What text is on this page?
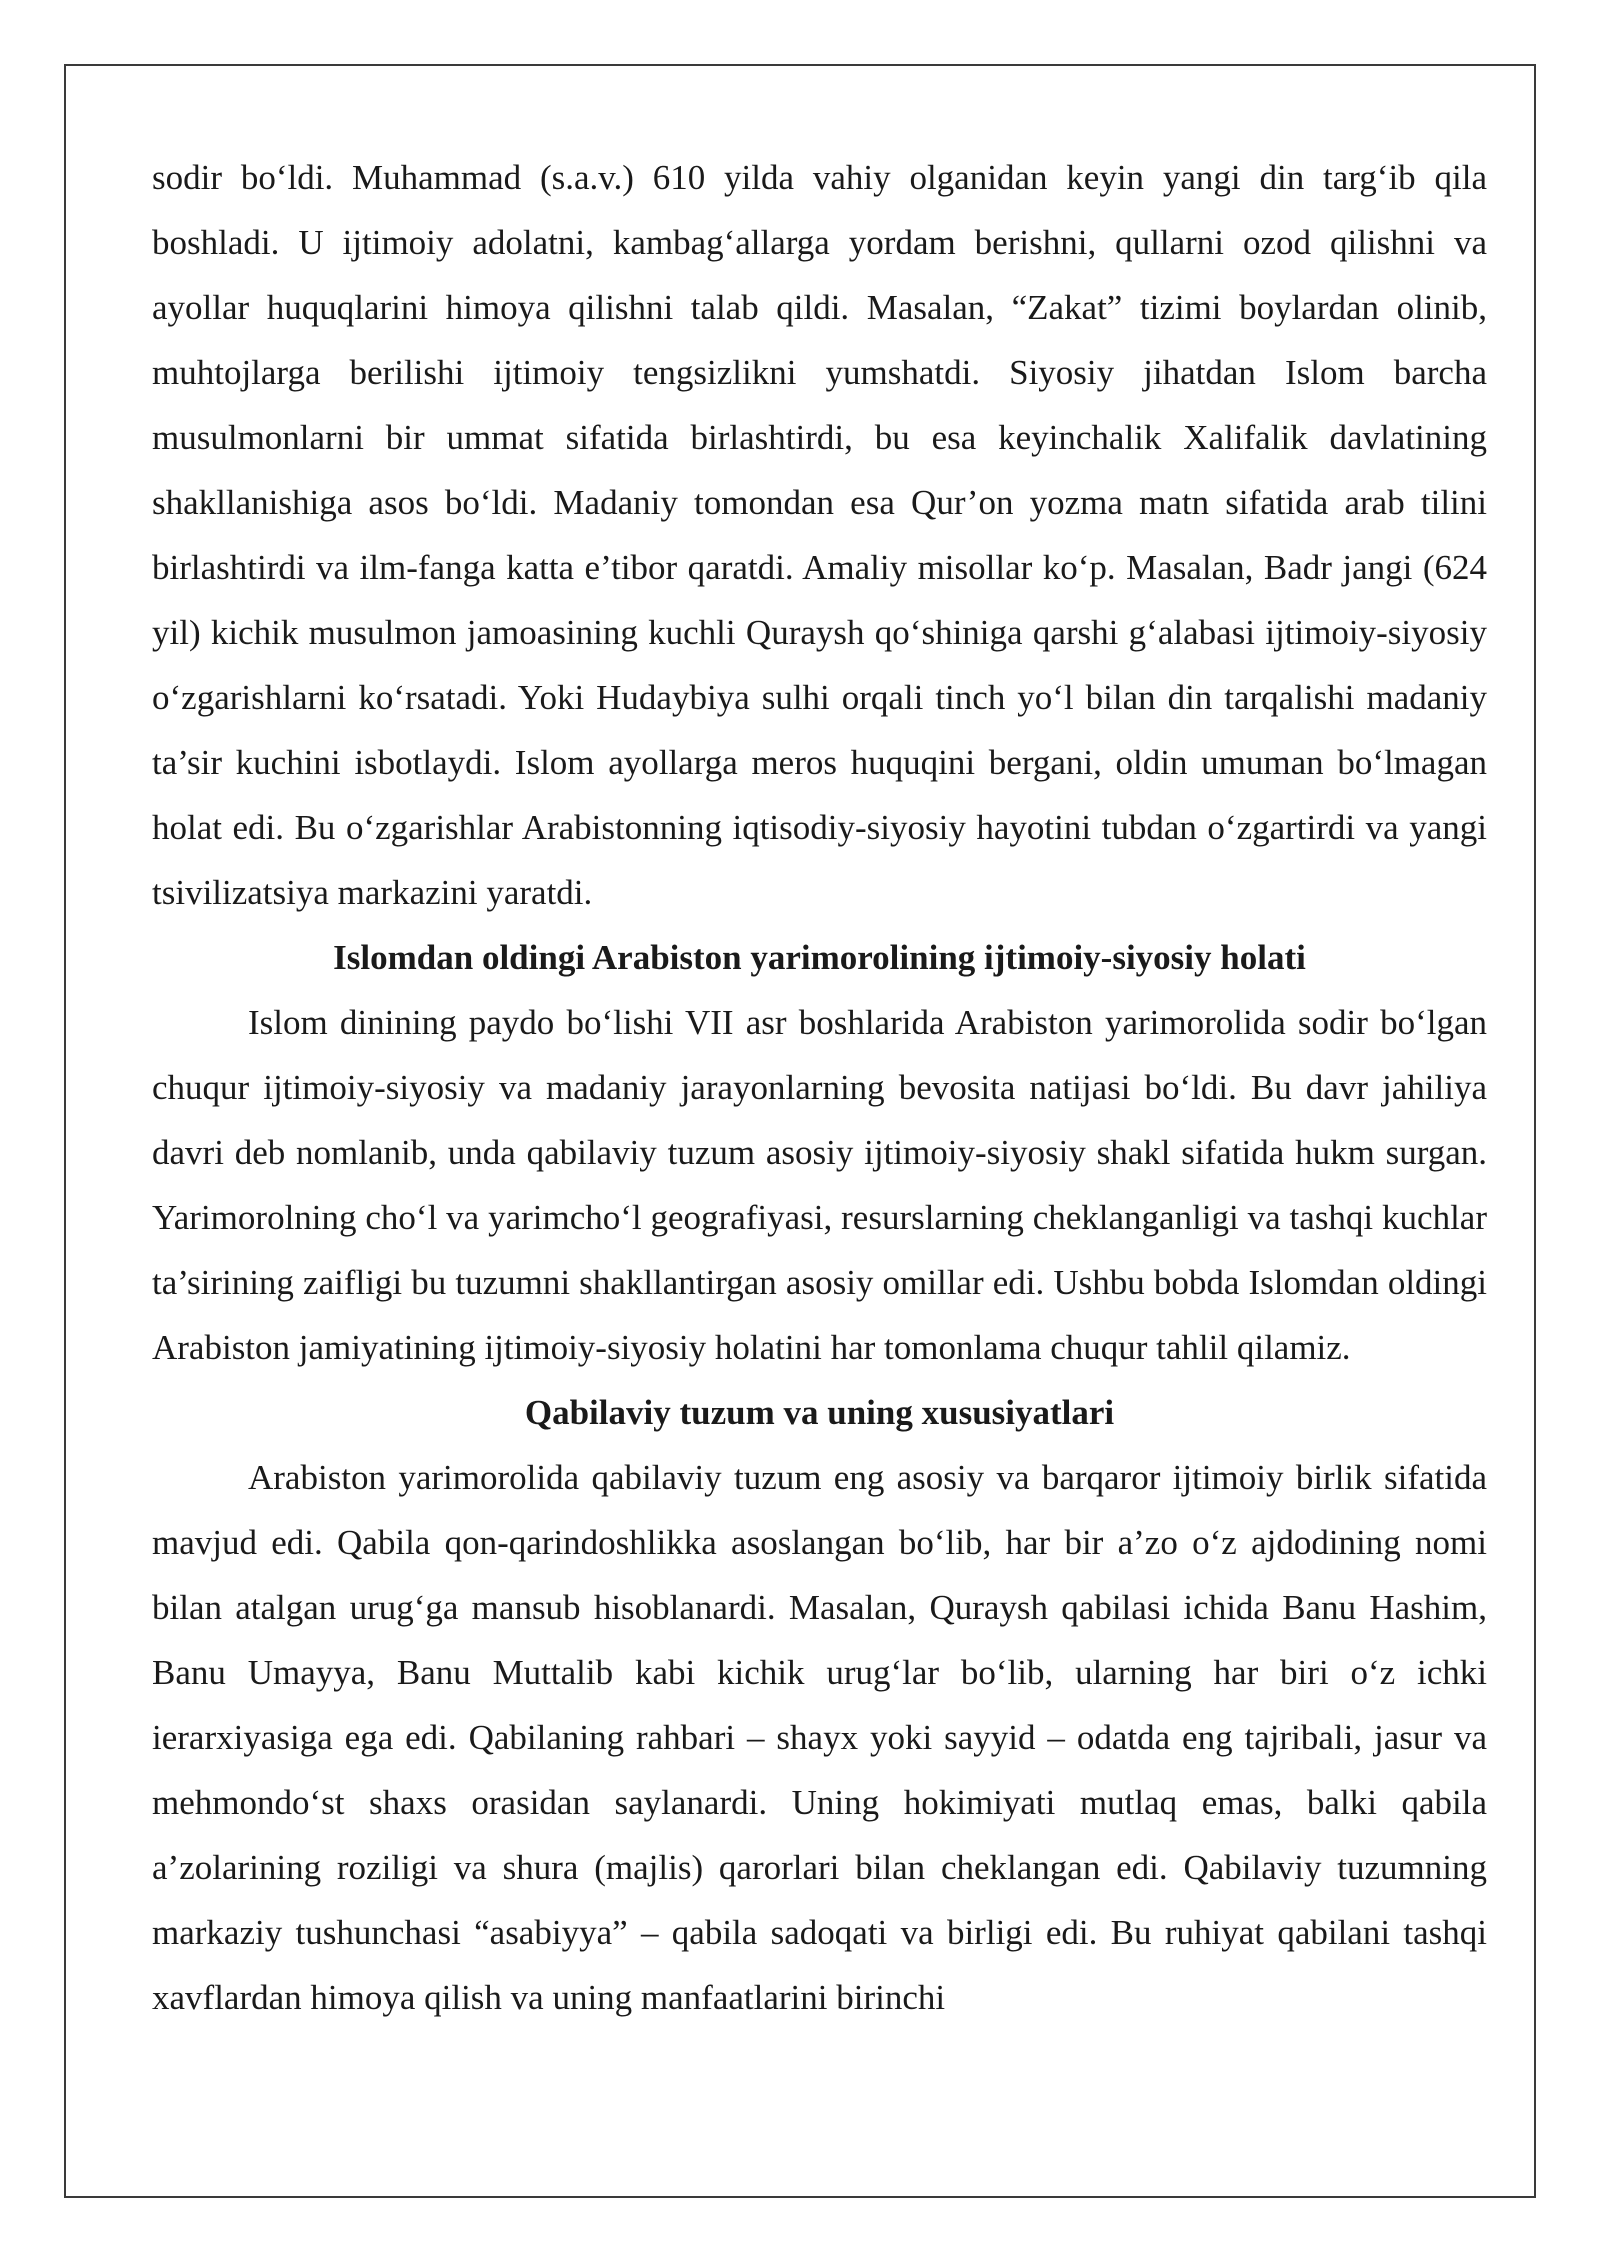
sodir bo‘ldi. Muhammad (s.a.v.) 610 yilda vahiy olganidan keyin yangi din targ‘ib qila boshladi. U ijtimoiy adolatni, kambag‘allarga yordam berishni, qullarni ozod qilishni va ayollar huquqlarini himoya qilishni talab qildi. Masalan, “Zakat” tizimi boylardan olinib, muhtojlarga berilishi ijtimoiy tengsizlikni yumshatdi. Siyosiy jihatdan Islom barcha musulmonlarni bir ummat sifatida birlashtirdi, bu esa keyinchalik Xalifalik davlatining shakllanishiga asos bo‘ldi. Madaniy tomondan esa Qur’on yozma matn sifatida arab tilini birlashtirdi va ilm-fanga katta e’tibor qaratdi. Amaliy misollar ko‘p. Masalan, Badr jangi (624 yil) kichik musulmon jamoasining kuchli Quraysh qo‘shiniga qarshi g‘alabasi ijtimoiy-siyosiy o‘zgarishlarni ko‘rsatadi. Yoki Hudaybiya sulhi orqali tinch yo‘l bilan din tarqalishi madaniy ta’sir kuchini isbotlaydi. Islom ayollarga meros huquqini bergani, oldin umuman bo‘lmagan holat edi. Bu o‘zgarishlar Arabistonning iqtisodiy-siyosiy hayotini tubdan o‘zgartirdi va yangi tsivilizatsiya markazini yaratdi.

Islomdan oldingi Arabiston yarimorolining ijtimoiy-siyosiy holati

Islom dinining paydo bo‘lishi VII asr boshlarida Arabiston yarimorolida sodir bo‘lgan chuqur ijtimoiy-siyosiy va madaniy jarayonlarning bevosita natijasi bo‘ldi. Bu davr jahiliya davri deb nomlanib, unda qabilaviy tuzum asosiy ijtimoiy-siyosiy shakl sifatida hukm surgan. Yarimorolning cho‘l va yarimcho‘l geografiyasi, resurslarning cheklanganligi va tashqi kuchlar ta’sirining zaifligi bu tuzumni shakllantirgan asosiy omillar edi. Ushbu bobda Islomdan oldingi Arabiston jamiyatining ijtimoiy-siyosiy holatini har tomonlama chuqur tahlil qilamiz.

Qabilaviy tuzum va uning xususiyatlari

Arabiston yarimorolida qabilaviy tuzum eng asosiy va barqaror ijtimoiy birlik sifatida mavjud edi. Qabila qon-qarindoshlikka asoslangan bo‘lib, har bir a’zo o‘z ajdodining nomi bilan atalgan urug‘ga mansub hisoblanardi. Masalan, Quraysh qabilasi ichida Banu Hashim, Banu Umayya, Banu Muttalib kabi kichik urug‘lar bo‘lib, ularning har biri o‘z ichki ierarxiyasiga ega edi. Qabilaning rahbari – shayx yoki sayyid – odatda eng tajribali, jasur va mehmondo‘st shaxs orasidan saylanardi. Uning hokimiyati mutlaq emas, balki qabila a’zolarining roziligi va shura (majlis) qarorlari bilan cheklangan edi. Qabilaviy tuzumning markaziy tushunchasi “asabiyya” – qabila sadoqati va birligi edi. Bu ruhiyat qabilani tashqi xavflardan himoya qilish va uning manfaatlarini birinchi
